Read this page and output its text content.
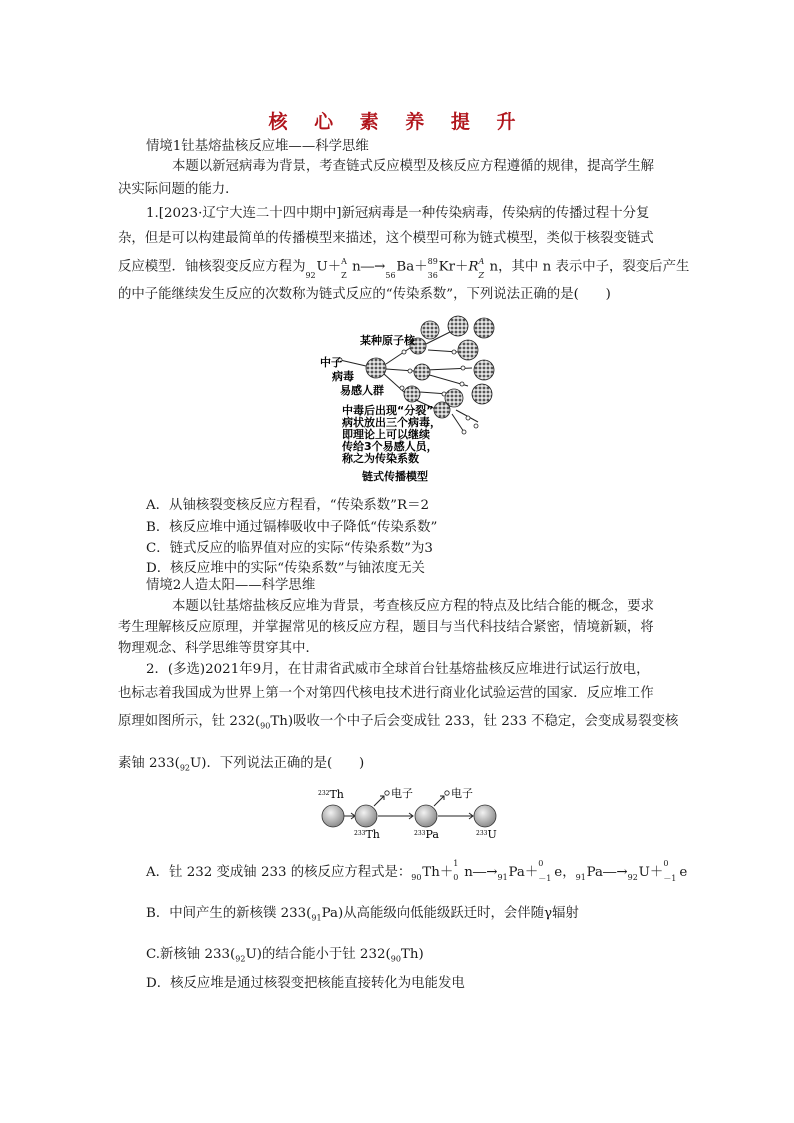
核 心 素 养 提 升
情境1钍基熔盐核反应堆——科学思维
本题以新冠病毒为背景，考查链式反应模型及核反应方程遵循的规律，提高学生解
决实际问题的能力．
1.[2023·辽宁大连二十四中期中]新冠病毒是一种传染病毒，传染病的传播过程十分复
杂，但是可以构建最简单的传播模型来描述，这个模型可称为链式模型，类似于核裂变链式
反应模型．铀核裂变反应方程为
92
U＋ A
Z
n―→
56
Ba＋ 89
36
Kr＋R A
Z
n，其中 n 表示中子，裂变后产生
的中子能继续发生反应的次数称为链式反应的“传染系数”，下列说法正确的是(　　)
某种原子核
中子
病毒
易感人群
中毒后出现“分裂”
病状放出三个病毒，
即理论上可以继续
传给3个易感人员，
称之为传染系数
链式传播模型
A．从铀核裂变核反应方程看，“传染系数”R＝2
B．核反应堆中通过镉棒吸收中子降低“传染系数”
C．链式反应的临界值对应的实际“传染系数”为3
D．核反应堆中的实际“传染系数”与铀浓度无关
情境2人造太阳——科学思维
本题以钍基熔盐核反应堆为背景，考查核反应方程的特点及比结合能的概念，要求
考生理解核反应原理，并掌握常见的核反应方程，题目与当代科技结合紧密，情境新颖，将
物理观念、科学思维等贯穿其中．
2．(多选)2021年9月，在甘肃省武威市全球首台钍基熔盐核反应堆进行试运行放电，
也标志着我国成为世界上第一个对第四代核电技术进行商业化试验运营的国家．反应堆工作
原理如图所示，钍 $232(_{90}Th)$吸收一个中子后会变成钍 233，钍 233 不稳定，会变成易裂变核
素铀 $233(_{92}U)$．下列说法正确的是(　　)
$^{232}$Th
$^{233}$Th	$^{233}$Pa	$^{233}$U
电子	电子
A．钍 232 变成铀 233 的核反应方程式是： 90 Th＋
1
0 n―→ 91 Pa＋
0
－1 e， 91 Pa―→ 92 U＋
0
－1 e
B．中间产生的新核镤 $233(_{91}Pa)$从高能级向低能级跃迁时，会伴随γ辐射
C.新核铀 $233(_{92}U)$的结合能小于钍 $232(_{90}Th)$
D．核反应堆是通过核裂变把核能直接转化为电能发电
